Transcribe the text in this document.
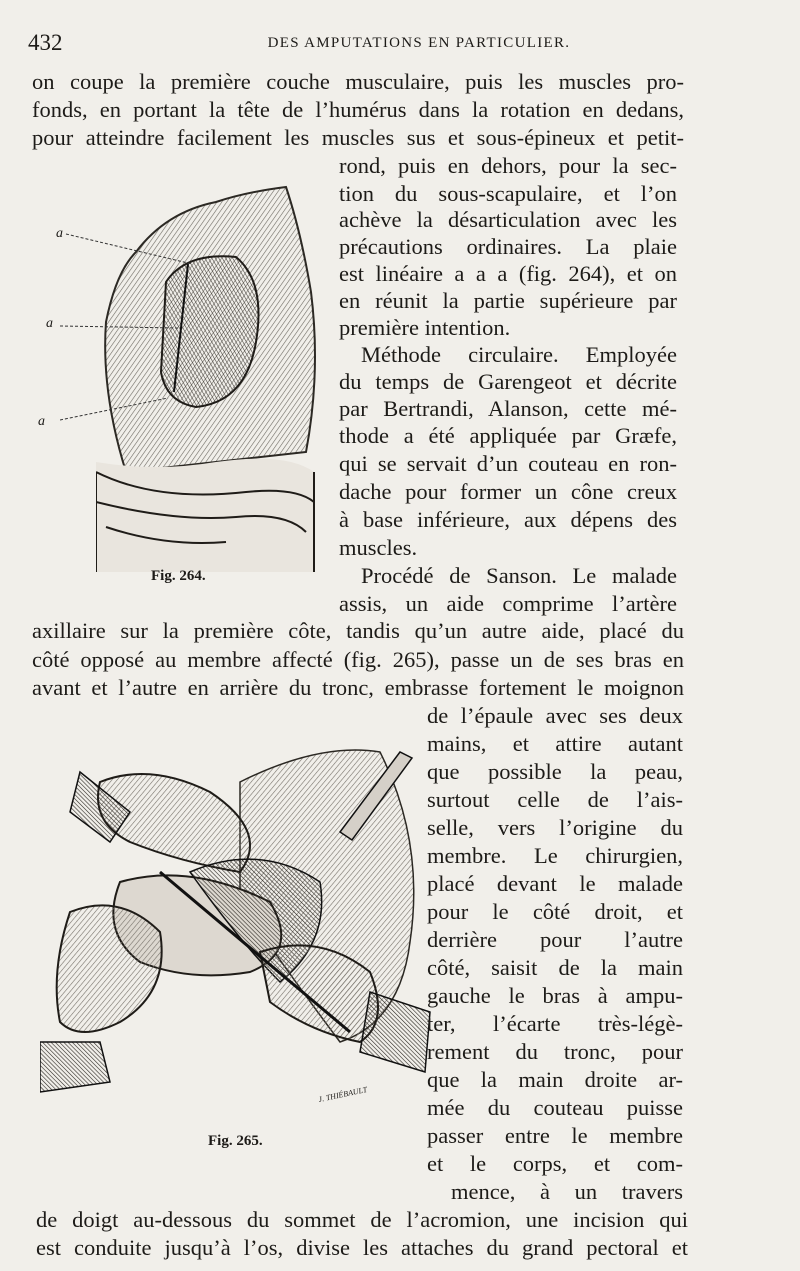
432	DES AMPUTATIONS EN PARTICULIER.
a
a
a
Fig. 264.
J. THIÉBAULT
Fig. 265.
on coupe la première couche musculaire, puis les muscles pro-
fonds, en portant la tête de l’humérus dans la rotation en dedans,
pour atteindre facilement les muscles sus et sous-épineux et petit-
rond, puis en dehors, pour la sec-
tion du sous-scapulaire, et l’on
achève la désarticulation avec les
précautions ordinaires. La plaie
est linéaire a a a (fig. 264), et on
en réunit la partie supérieure par
première intention.
Méthode circulaire. Employée
du temps de Garengeot et décrite
par Bertrandi, Alanson, cette mé-
thode a été appliquée par Græfe,
qui se servait d’un couteau en ron-
dache pour former un cône creux
à base inférieure, aux dépens des
muscles.
Procédé de Sanson. Le malade
assis, un aide comprime l’artère
axillaire sur la première côte, tandis qu’un autre aide, placé du
côté opposé au membre affecté (fig. 265), passe un de ses bras en
avant et l’autre en arrière du tronc, embrasse fortement le moignon
de l’épaule avec ses deux
mains, et attire autant
que possible la peau,
surtout celle de l’ais-
selle, vers l’origine du
membre. Le chirurgien,
placé devant le malade
pour le côté droit, et
derrière pour l’autre
côté, saisit de la main
gauche le bras à ampu-
ter, l’écarte très-légè-
rement du tronc, pour
que la main droite ar-
mée du couteau puisse
passer entre le membre
et le corps, et com-
mence, à un travers
de doigt au-dessous du sommet de l’acromion, une incision qui
est conduite jusqu’à l’os, divise les attaches du grand pectoral et
